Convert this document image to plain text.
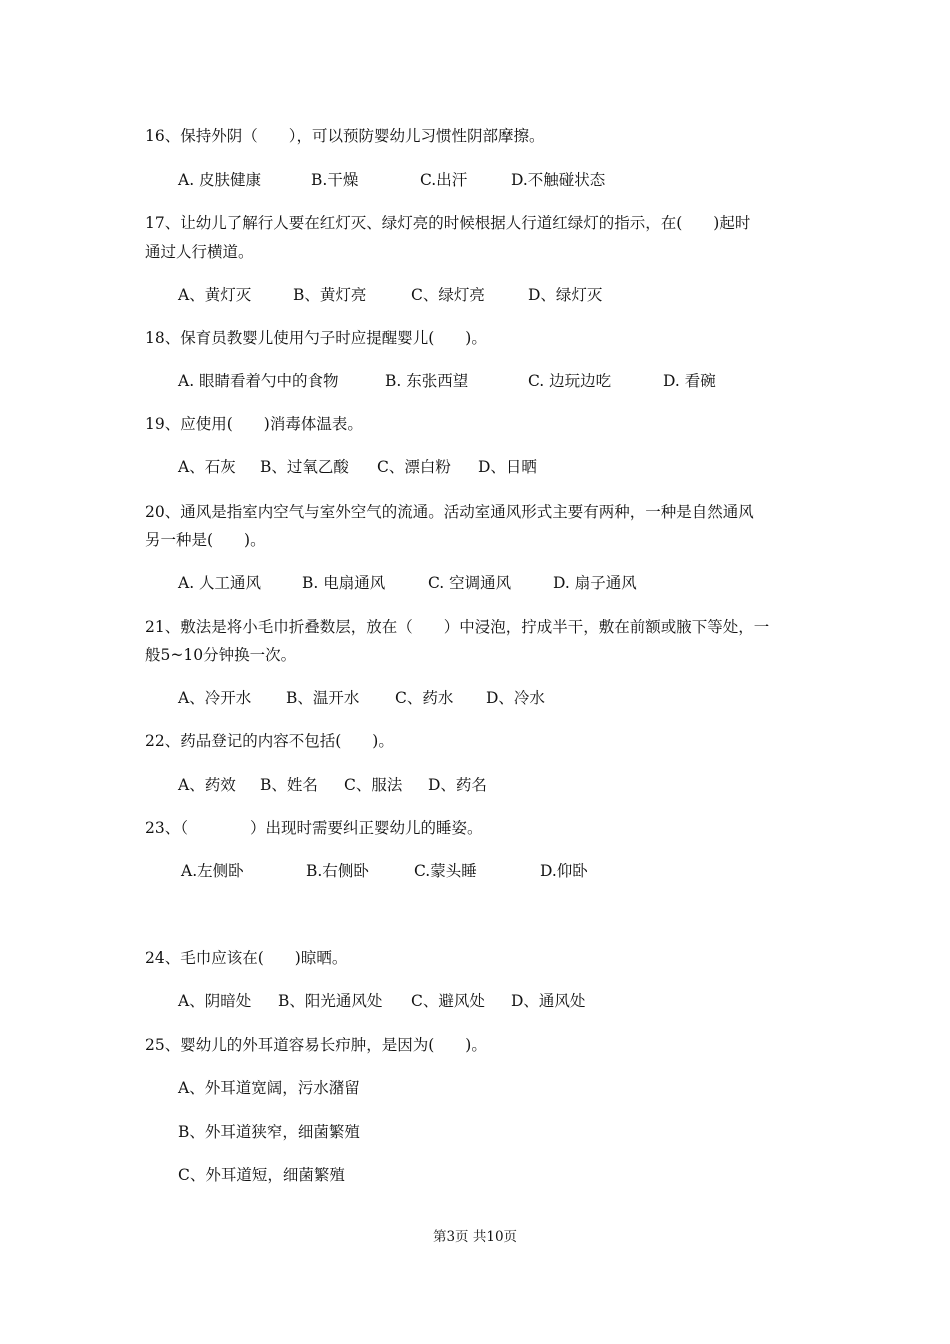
16、保持外阴（　　），可以预防婴幼儿习惯性阴部摩擦。

A. 皮肤健康

	B.干燥

	C.出汗

	D.不触碰状态

17、让幼儿了解行人要在红灯灭、绿灯亮的时候根据人行道红绿灯的指示，在(　　)起时

通过人行横道。

A、黄灯灭

	B、黄灯亮

	C、绿灯亮

	D、绿灯灭

18、保育员教婴儿使用勺子时应提醒婴儿(　　)。

A. 眼睛看着勺中的食物

	B. 东张西望

	C. 边玩边吃

	D. 看碗

19、应使用(　　)消毒体温表。

A、石灰

B、过氧乙酸

C、漂白粉

D、日晒

20、通风是指室内空气与室外空气的流通。活动室通风形式主要有两种，一种是自然通风

另一种是(　　)。

A. 人工通风

	B. 电扇通风

	C. 空调通风

	D. 扇子通风

21、敷法是将小毛巾折叠数层，放在（　　）中浸泡，拧成半干，敷在前额或腋下等处，一

般5~10分钟换一次。

A、冷开水

B、温开水

C、药水

D、冷水

22、药品登记的内容不包括(　　)。

A、药效

B、姓名

C、服法

D、药名

23、（　　　　）出现时需要纠正婴幼儿的睡姿。

A.左侧卧

	B.右侧卧

	C.蒙头睡

	D.仰卧

24、毛巾应该在(　　)晾晒。

A、阴暗处

B、阳光通风处

C、避风处

D、通风处

25、婴幼儿的外耳道容易长疖肿，是因为(　　)。

A、外耳道宽阔，污水潴留

B、外耳道狭窄，细菌繁殖

C、外耳道短，细菌繁殖

第3页 共10页
